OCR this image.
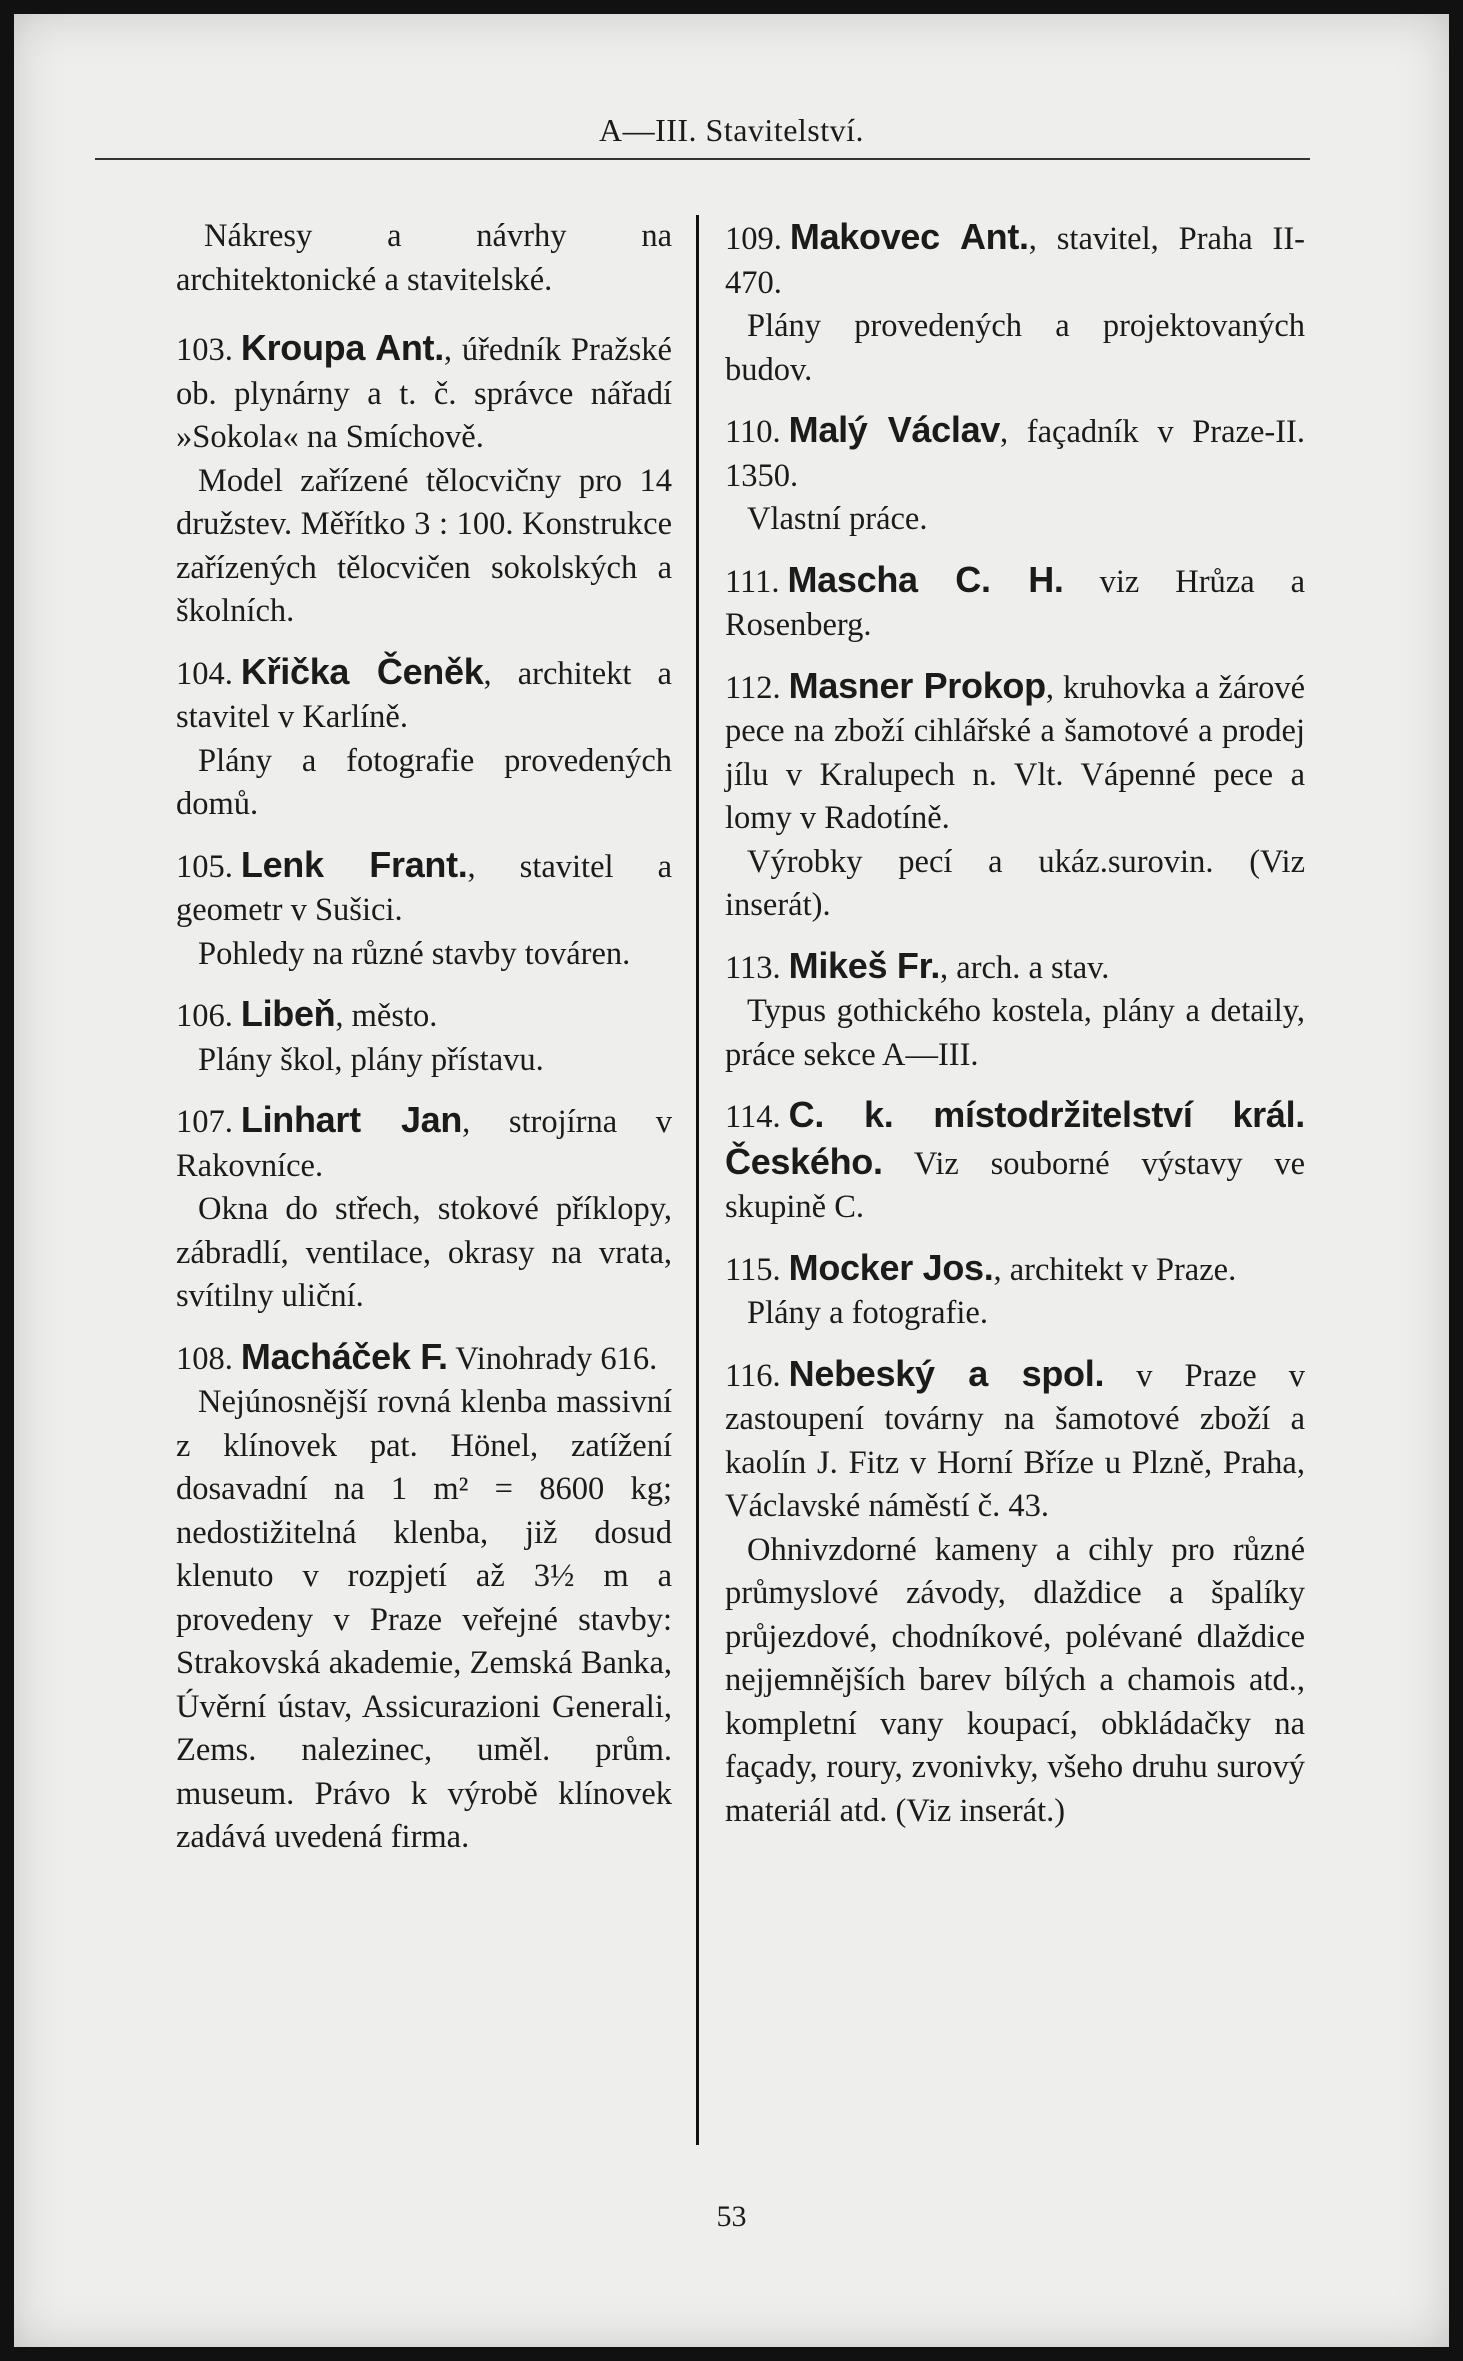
A—III. Stavitelství.
Nákresy a návrhy na architektonické a stavitelské.
103. Kroupa Ant., úředník Pražské ob. plynárny a t. č. správce nářadí »Sokola« na Smíchově.
Model zařízené tělocvičny pro 14 družstev. Měřítko 3 : 100. Konstrukce zařízených tělocvičen sokolských a školních.
104. Křička Čeněk, architekt a stavitel v Karlíně.
Plány a fotografie provedených domů.
105. Lenk Frant., stavitel a geometr v Sušici.
Pohledy na různé stavby továren.
106. Libeň, město.
Plány škol, plány přístavu.
107. Linhart Jan, strojírna v Rakovníce.
Okna do střech, stokové příklopy, zábradlí, ventilace, okrasy na vrata, svítilny uliční.
108. Macháček F. Vinohrady 616.
Nejúnosnější rovná klenba massivní z klínovek pat. Hönel, zatížení dosavadní na 1 m² = 8600 kg; nedostižitelná klenba, již dosud klenuto v rozpjetí až 3½ m a provedeny v Praze veřejné stavby: Strakovská akademie, Zemská Banka, Úvěrní ústav, Assicurazioni Generali, Zems. nalezinec, uměl. prům. museum. Právo k výrobě klínovek zadává uvedená firma.
109. Makovec Ant., stavitel, Praha II-470.
Plány provedených a projektovaných budov.
110. Malý Václav, façadník v Praze-II. 1350.
Vlastní práce.
111. Mascha C. H. viz Hrůza a Rosenberg.
112. Masner Prokop, kruhovka a žárové pece na zboží cihlářské a šamotové a prodej jílu v Kralupech n. Vlt. Vápenné pece a lomy v Radotíně.
Výrobky pecí a ukáz.surovin. (Viz inserát).
113. Mikeš Fr., arch. a stav.
Typus gothického kostela, plány a detaily, práce sekce A—III.
114. C. k. místodržitelství král. Českého. Viz souborné výstavy ve skupině C.
115. Mocker Jos., architekt v Praze.
Plány a fotografie.
116. Nebeský a spol. v Praze v zastoupení továrny na šamotové zboží a kaolín J. Fitz v Horní Bříze u Plzně, Praha, Václavské náměstí č. 43.
Ohnivzdorné kameny a cihly pro různé průmyslové závody, dlaždice a špalíky průjezdové, chodníkové, polévané dlaždice nejjemnějších barev bílých a chamois atd., kompletní vany koupací, obkládačky na façady, roury, zvonivky, všeho druhu surový materiál atd. (Viz inserát.)
53
